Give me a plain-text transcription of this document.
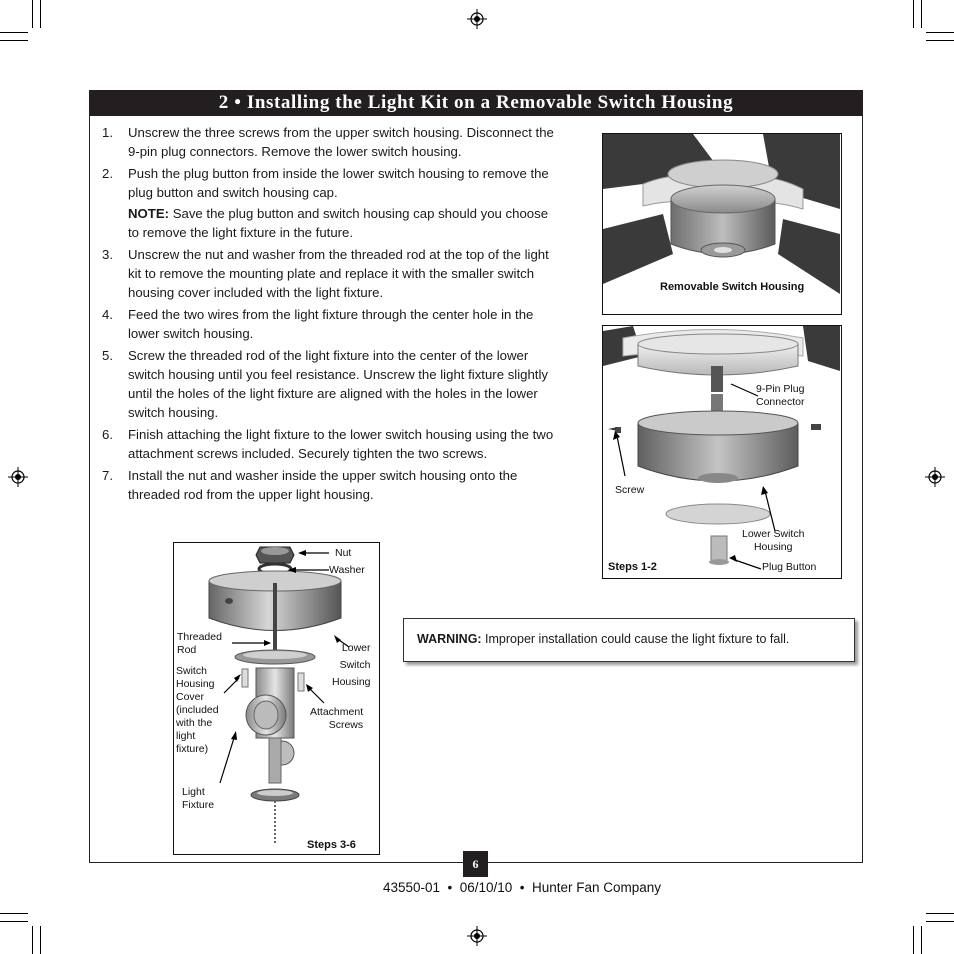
2 • Installing the Light Kit on a Removable Switch Housing
1. Unscrew the three screws from the upper switch housing. Disconnect the 9-pin plug connectors. Remove the lower switch housing.
2. Push the plug button from inside the lower switch housing to remove the plug button and switch housing cap.
NOTE: Save the plug button and switch housing cap should you choose to remove the light fixture in the future.
3. Unscrew the nut and washer from the threaded rod at the top of the light kit to remove the mounting plate and replace it with the smaller switch housing cover included with the light fixture.
4. Feed the two wires from the light fixture through the center hole in the lower switch housing.
5. Screw the threaded rod of the light fixture into the center of the lower switch housing until you feel resistance. Unscrew the light fixture slightly until the holes of the light fixture are aligned with the holes in the lower switch housing.
6. Finish attaching the light fixture to the lower switch housing using the two attachment screws included. Securely tighten the two screws.
7. Install the nut and washer inside the upper switch housing onto the threaded rod from the upper light housing.
Removable Switch Housing
9-Pin Plug
Connector
Screw
Lower Switch
Housing
Steps 1-2	Plug Button
Nut
Washer
Threaded
Rod	Lower
Switch
Housing
Switch
Housing
Cover
(included
with the
light
fixture)
Attachment
Screws
Light
Fixture
Steps 3-6
WARNING: Improper installation could cause the light fixture to fall.
6
43550-01  •  06/10/10  •  Hunter Fan Company
